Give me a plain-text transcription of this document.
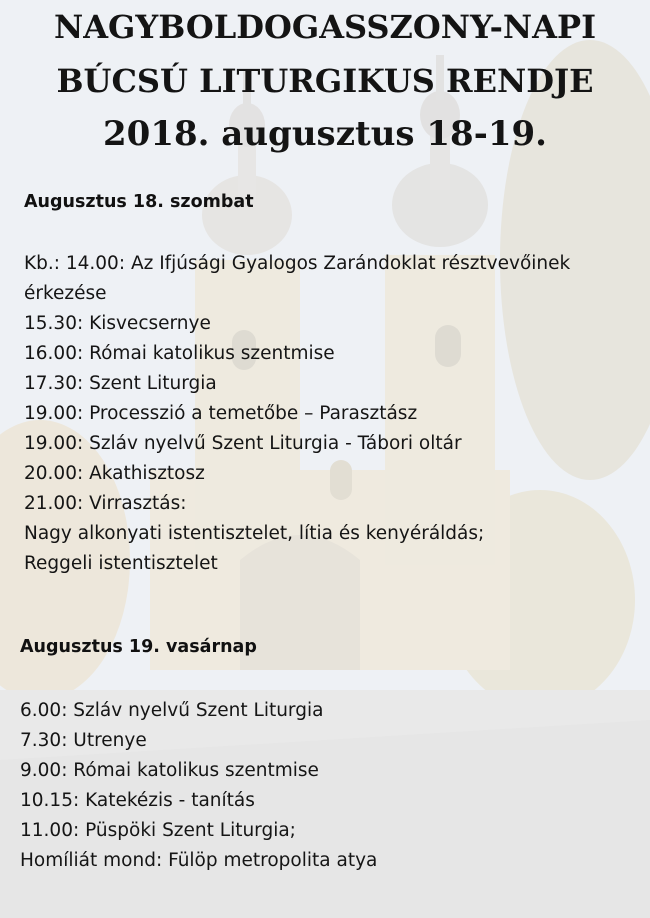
NAGYBOLDOGASSZONY-NAPI
BÚCSÚ LITURGIKUS RENDJE
2018. augusztus 18-19.
Augusztus 18. szombat
Kb.: 14.00: Az Ifjúsági Gyalogos Zarándoklat résztvevőinek
érkezése
15.30: Kisvecsernye
16.00: Római katolikus szentmise
17.30: Szent Liturgia
19.00: Processzió a temetőbe – Parasztász
19.00: Szláv nyelvű Szent Liturgia - Tábori oltár
20.00: Akathisztosz
21.00: Virrasztás:
Nagy alkonyati istentisztelet, lítia és kenyéráldás;
Reggeli istentisztelet
Augusztus 19. vasárnap
6.00: Szláv nyelvű Szent Liturgia
7.30: Utrenye
9.00: Római katolikus szentmise
10.15: Katekézis - tanítás
11.00: Püspöki Szent Liturgia;
Homíliát mond: Fülöp metropolita atya
